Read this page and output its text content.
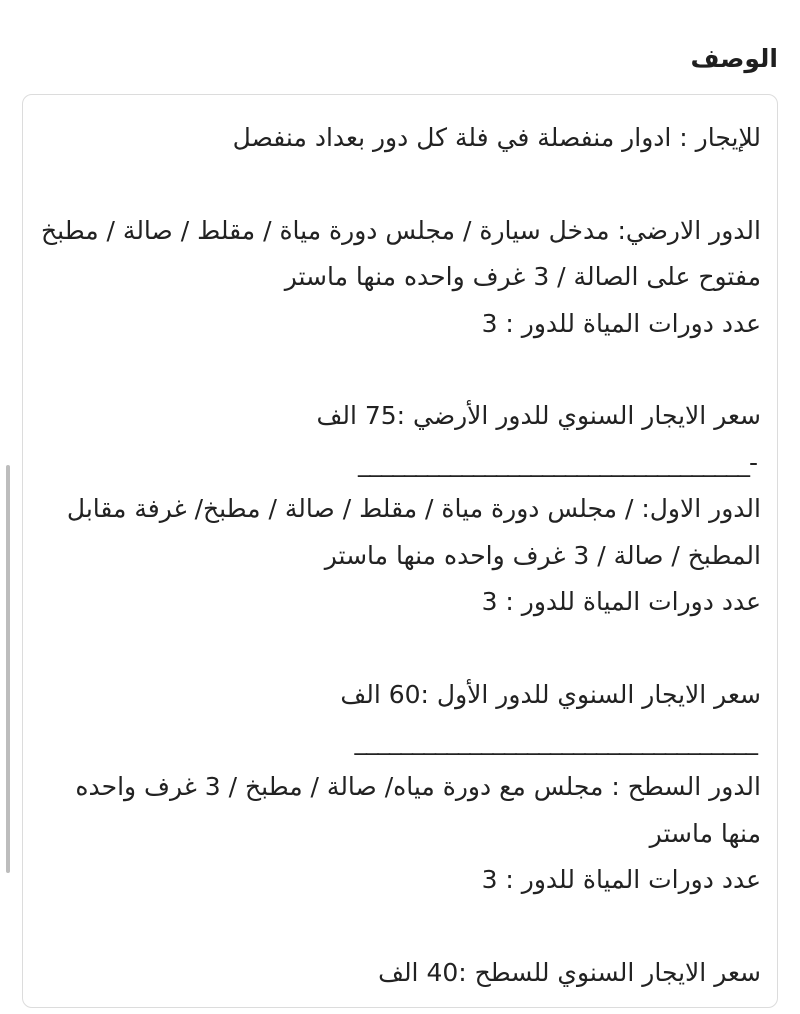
الوصف
للإيجار : ادوار منفصلة في فلة كل دور بعداد منفصل
الدور الارضي: مدخل سيارة / مجلس دورة مياة / مقلط / صالة / مطبخ
مفتوح على الصالة / 3 غرف واحده منها ماستر
عدد دورات المياة للدور : 3
سعر الايجار السنوي للدور الأرضي :75 الف
__________________________________-
الدور الاول: / مجلس دورة مياة / مقلط / صالة / مطبخ/ غرفة مقابل
المطبخ / صالة / 3 غرف واحده منها ماستر
عدد دورات المياة للدور : 3
سعر الايجار السنوي للدور الأول :60 الف
___________________________________
الدور السطح : مجلس مع دورة مياه/ صالة / مطبخ / 3 غرف واحده
منها ماستر
عدد دورات المياة للدور : 3
سعر الايجار السنوي للسطح :40 الف
